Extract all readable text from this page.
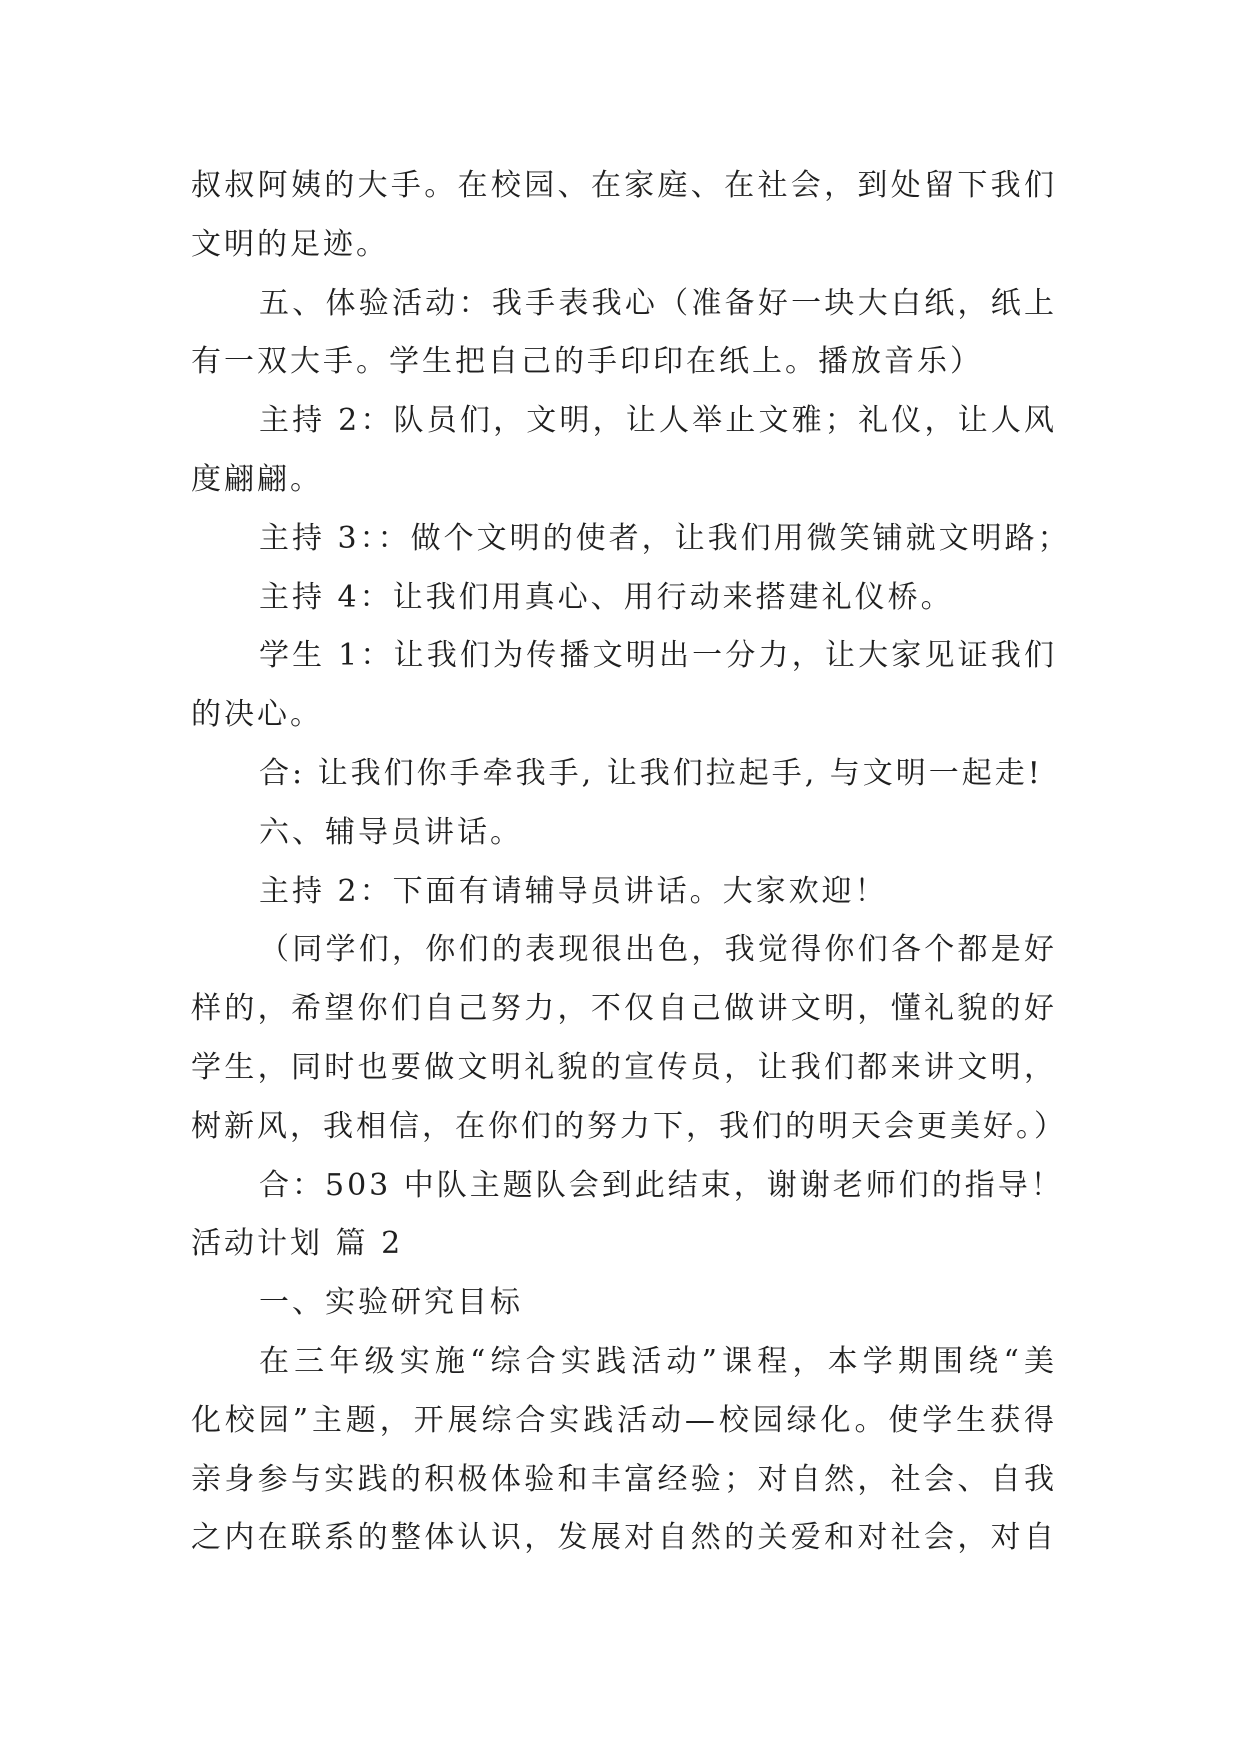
叔叔阿姨的大手。在校园、在家庭、在社会，到处留下我们
文明的足迹。
五、体验活动：我手表我心（准备好一块大白纸，纸上
有一双大手。学生把自己的手印印在纸上。播放音乐）
主持 2：队员们，文明，让人举止文雅；礼仪，让人风
度翩翩。
主持 3：：做个文明的使者，让我们用微笑铺就文明路；
主持 4：让我们用真心、用行动来搭建礼仪桥。
学生 1：让我们为传播文明出一分力，让大家见证我们
的决心。
合: 让我们你手牵我手, 让我们拉起手, 与文明一起走!
六、辅导员讲话。
主持 2：下面有请辅导员讲话。大家欢迎！
（同学们，你们的表现很出色，我觉得你们各个都是好
样的，希望你们自己努力，不仅自己做讲文明，懂礼貌的好
学生，同时也要做文明礼貌的宣传员，让我们都来讲文明，
树新风，我相信，在你们的努力下，我们的明天会更美好。）
合：503 中队主题队会到此结束，谢谢老师们的指导！
活动计划 篇 2
一、实验研究目标
在三年级实施“综合实践活动”课程，本学期围绕“美
化校园”主题，开展综合实践活动—校园绿化。使学生获得
亲身参与实践的积极体验和丰富经验；对自然，社会、自我
之内在联系的整体认识，发展对自然的关爱和对社会，对自
